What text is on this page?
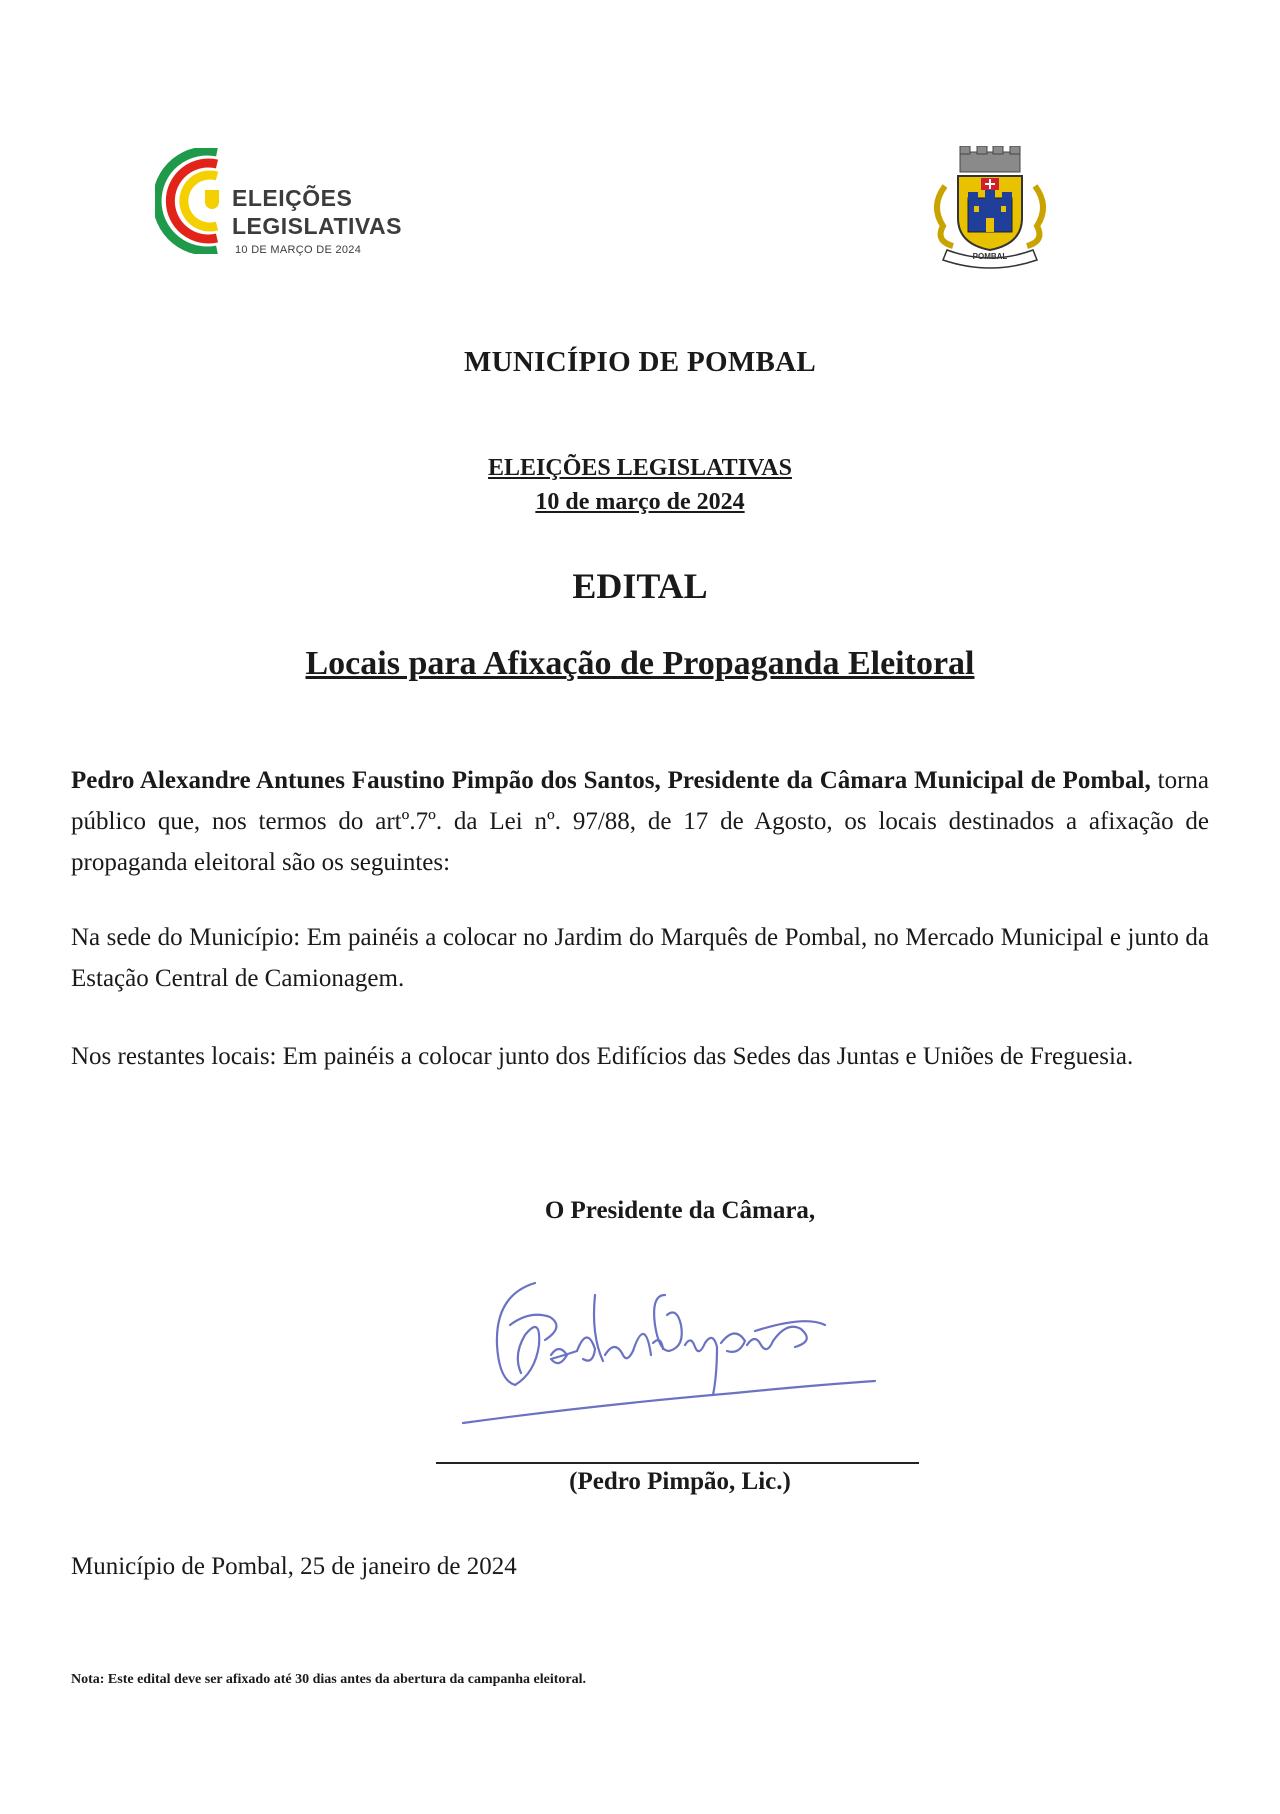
ELEIÇÕES
LEGISLATIVAS
10 DE MARÇO DE 2024
POMBAL
MUNICÍPIO DE POMBAL
ELEIÇÕES LEGISLATIVAS
10 de março de 2024
EDITAL
Locais para Afixação de Propaganda Eleitoral
Pedro Alexandre Antunes Faustino Pimpão dos Santos, Presidente da Câmara Municipal de Pombal, torna público que, nos termos do artº.7º. da Lei nº. 97/88, de 17 de Agosto, os locais destinados a afixação de propaganda eleitoral são os seguintes:
Na sede do Município: Em painéis a colocar no Jardim do Marquês de Pombal, no Mercado Municipal e junto da Estação Central de Camionagem.
Nos restantes locais: Em painéis a colocar junto dos Edifícios das Sedes das Juntas e Uniões de Freguesia.
O Presidente da Câmara,
(Pedro Pimpão, Lic.)
Município de Pombal, 25 de janeiro de 2024
Nota: Este edital deve ser afixado até 30 dias antes da abertura da campanha eleitoral.
